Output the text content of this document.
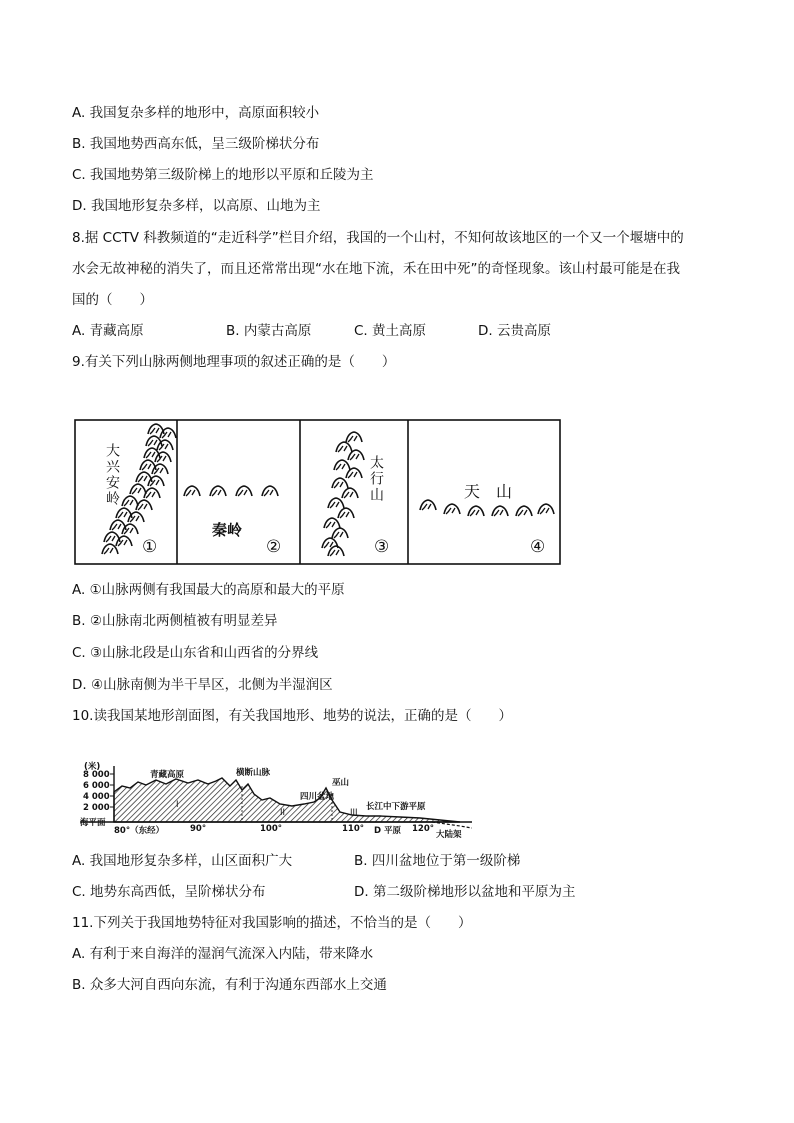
A. 我国复杂多样的地形中，高原面积较小
B. 我国地势西高东低，呈三级阶梯状分布
C. 我国地势第三级阶梯上的地形以平原和丘陵为主
D. 我国地形复杂多样，以高原、山地为主
8.据 CCTV 科教频道的“走近科学”栏目介绍，我国的一个山村，不知何故该地区的一个又一个堰塘中的
水会无故神秘的消失了，而且还常常出现“水在地下流，禾在田中死”的奇怪现象。该山村最可能是在我
国的（　　）
A. 青藏高原	B. 内蒙古高原	C. 黄土高原	D. 云贵高原
9.有关下列山脉两侧地理事项的叙述正确的是（　　）
大兴安岭
秦岭
太行山	天　山
①	②	③	④
A. ①山脉两侧有我国最大的高原和最大的平原
B. ②山脉南北两侧植被有明显差异
C. ③山脉北段是山东省和山西省的分界线
D. ④山脉南侧为半干旱区，北侧为半湿润区
10.读我国某地形剖面图，有关我国地形、地势的说法，正确的是（　　）
(米)
8 000
6 000
4 000
2 000
海平面
80°（东经）	90°	100°	110°	120°
青藏高原	横断山脉
巫山
四川盆地
长江中下游平原
D 平原	大陆架
I
II	III
A. 我国地形复杂多样，山区面积广大	B. 四川盆地位于第一级阶梯
C. 地势东高西低，呈阶梯状分布	D. 第二级阶梯地形以盆地和平原为主
11.下列关于我国地势特征对我国影响的描述，不恰当的是（　　）
A. 有利于来自海洋的湿润气流深入内陆，带来降水
B. 众多大河自西向东流，有利于沟通东西部水上交通
